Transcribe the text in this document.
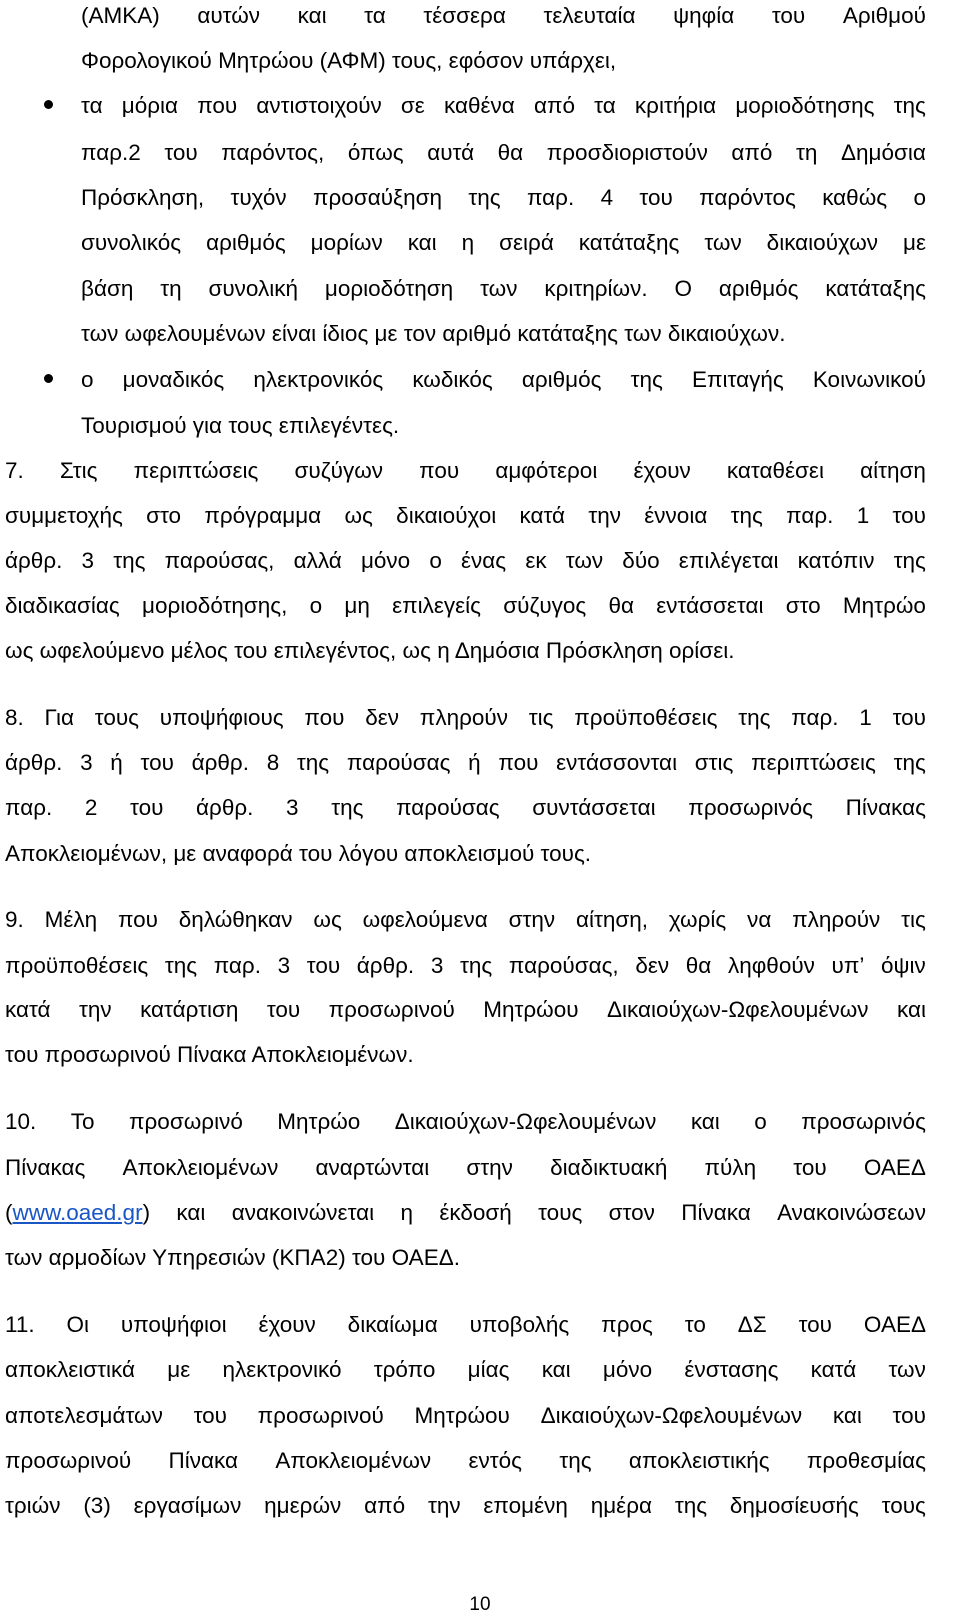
(ΑΜΚΑ) αυτών και τα τέσσερα τελευταία ψηφία του Αριθμού
Φορολογικού Μητρώου (ΑΦΜ) τους, εφόσον υπάρχει,
τα μόρια που αντιστοιχούν σε καθένα από τα κριτήρια μοριοδότησης της
παρ.2 του παρόντος, όπως αυτά θα προσδιοριστούν από τη Δημόσια
Πρόσκληση, τυχόν προσαύξηση της παρ. 4 του παρόντος καθώς ο
συνολικός αριθμός μορίων και η σειρά κατάταξης των δικαιούχων με
βάση τη συνολική μοριοδότηση των κριτηρίων. Ο αριθμός κατάταξης
των ωφελουμένων είναι ίδιος με τον αριθμό κατάταξης των δικαιούχων.
ο μοναδικός ηλεκτρονικός κωδικός αριθμός της Επιταγής Κοινωνικού
Τουρισμού για τους επιλεγέντες.
7. Στις περιπτώσεις συζύγων που αμφότεροι έχουν καταθέσει αίτηση
συμμετοχής στο πρόγραμμα ως δικαιούχοι κατά την έννοια της παρ. 1 του
άρθρ. 3 της παρούσας, αλλά μόνο ο ένας εκ των δύο επιλέγεται κατόπιν της
διαδικασίας μοριοδότησης, ο μη επιλεγείς σύζυγος θα εντάσσεται στο Μητρώο
ως ωφελούμενο μέλος του επιλεγέντος, ως η Δημόσια Πρόσκληση ορίσει.
8. Για τους υποψήφιους που δεν πληρούν τις προϋποθέσεις της παρ. 1 του
άρθρ. 3 ή του άρθρ. 8 της παρούσας ή που εντάσσονται στις περιπτώσεις της
παρ. 2 του άρθρ. 3 της παρούσας συντάσσεται προσωρινός Πίνακας
Αποκλειομένων, με αναφορά του λόγου αποκλεισμού τους.
9. Μέλη που δηλώθηκαν ως ωφελούμενα στην αίτηση, χωρίς να πληρούν τις
προϋποθέσεις της παρ. 3 του άρθρ. 3 της παρούσας, δεν θα ληφθούν υπ’ όψιν
κατά την κατάρτιση του προσωρινού Μητρώου Δικαιούχων-Ωφελουμένων και
του προσωρινού Πίνακα Αποκλειομένων.
10. Το προσωρινό Μητρώο Δικαιούχων-Ωφελουμένων και ο προσωρινός
Πίνακας Αποκλειομένων αναρτώνται στην διαδικτυακή πύλη του ΟΑΕΔ
(www.oaed.gr) και ανακοινώνεται η έκδοσή τους στον Πίνακα Ανακοινώσεων
των αρμοδίων Υπηρεσιών (ΚΠΑ2) του ΟΑΕΔ.
11. Οι υποψήφιοι έχουν δικαίωμα υποβολής προς το ΔΣ του ΟΑΕΔ
αποκλειστικά με ηλεκτρονικό τρόπο μίας και μόνο ένστασης κατά των
αποτελεσμάτων του προσωρινού Μητρώου Δικαιούχων-Ωφελουμένων και του
προσωρινού Πίνακα Αποκλειομένων εντός της αποκλειστικής προθεσμίας
τριών (3) εργασίμων ημερών από την επομένη ημέρα της δημοσίευσής τους
10
